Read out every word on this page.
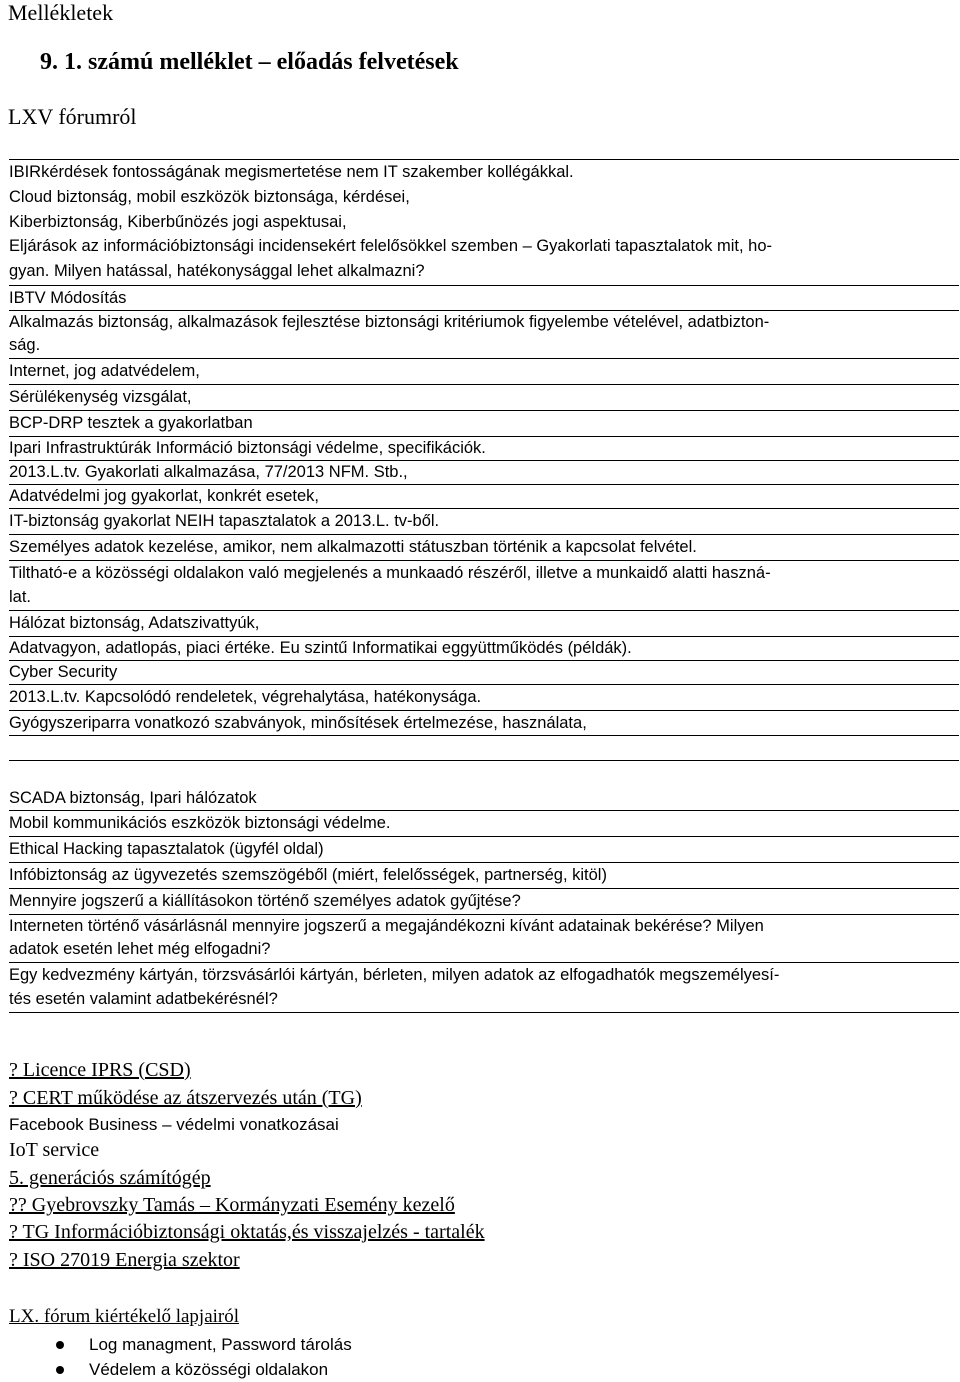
Mellékletek
9. 1. számú melléklet – előadás felvetések
LXV fórumról
IBIRkérdések fontosságának megismertetése nem IT szakember kollégákkal.
Cloud biztonság, mobil eszközök biztonsága, kérdései,
Kiberbiztonság, Kiberbűnözés jogi aspektusai,
Eljárások az információbiztonsági incidensekért felelősökkel szemben – Gyakorlati tapasztalatok mit, ho-
gyan. Milyen hatással, hatékonysággal lehet alkalmazni?
IBTV Módosítás
Alkalmazás biztonság, alkalmazások fejlesztése biztonsági kritériumok figyelembe vételével, adatbizton-
ság.
Internet, jog adatvédelem,
Sérülékenység vizsgálat,
BCP-DRP tesztek a gyakorlatban
Ipari Infrastruktúrák Információ biztonsági védelme, specifikációk.
2013.L.tv. Gyakorlati alkalmazása, 77/2013 NFM. Stb.,
Adatvédelmi jog gyakorlat, konkrét esetek,
IT-biztonság gyakorlat NEIH tapasztalatok a 2013.L. tv-ből.
Személyes adatok kezelése, amikor, nem alkalmazotti státuszban történik a kapcsolat felvétel.
Tiltható-e a közösségi oldalakon való megjelenés a munkaadó részéről, illetve a munkaidő alatti haszná-
lat.
Hálózat biztonság, Adatszivattyúk,
Adatvagyon, adatlopás, piaci értéke. Eu szintű Informatikai eggyüttműködés (példák).
Cyber Security
2013.L.tv. Kapcsolódó rendeletek, végrehalytása, hatékonysága.
Gyógyszeriparra vonatkozó szabványok, minősítések értelmezése, használata,
SCADA biztonság, Ipari hálózatok
Mobil kommunikációs eszközök biztonsági védelme.
Ethical Hacking tapasztalatok (ügyfél oldal)
Infóbiztonság az ügyvezetés szemszögéből (miért, felelősségek, partnerség, kitöl)
Mennyire jogszerű a kiállításokon történő személyes adatok gyűjtése?
Interneten történő vásárlásnál mennyire jogszerű a megajándékozni kívánt adatainak bekérése? Milyen
adatok esetén lehet még elfogadni?
Egy kedvezmény kártyán, törzsvásárlói kártyán, bérleten, milyen adatok az elfogadhatók megszemélyesí-
tés esetén valamint adatbekérésnél?
? Licence IPRS (CSD)
? CERT működése az átszervezés után (TG)
Facebook Business – védelmi vonatkozásai
IoT service
5. generációs számítógép
?? Gyebrovszky Tamás – Kormányzati Esemény kezelő
? TG Információbiztonsági oktatás,és visszajelzés - tartalék
? ISO 27019 Energia szektor
LX. fórum kiértékelő lapjairól
Log managment, Password tárolás
Védelem a közösségi oldalakon
